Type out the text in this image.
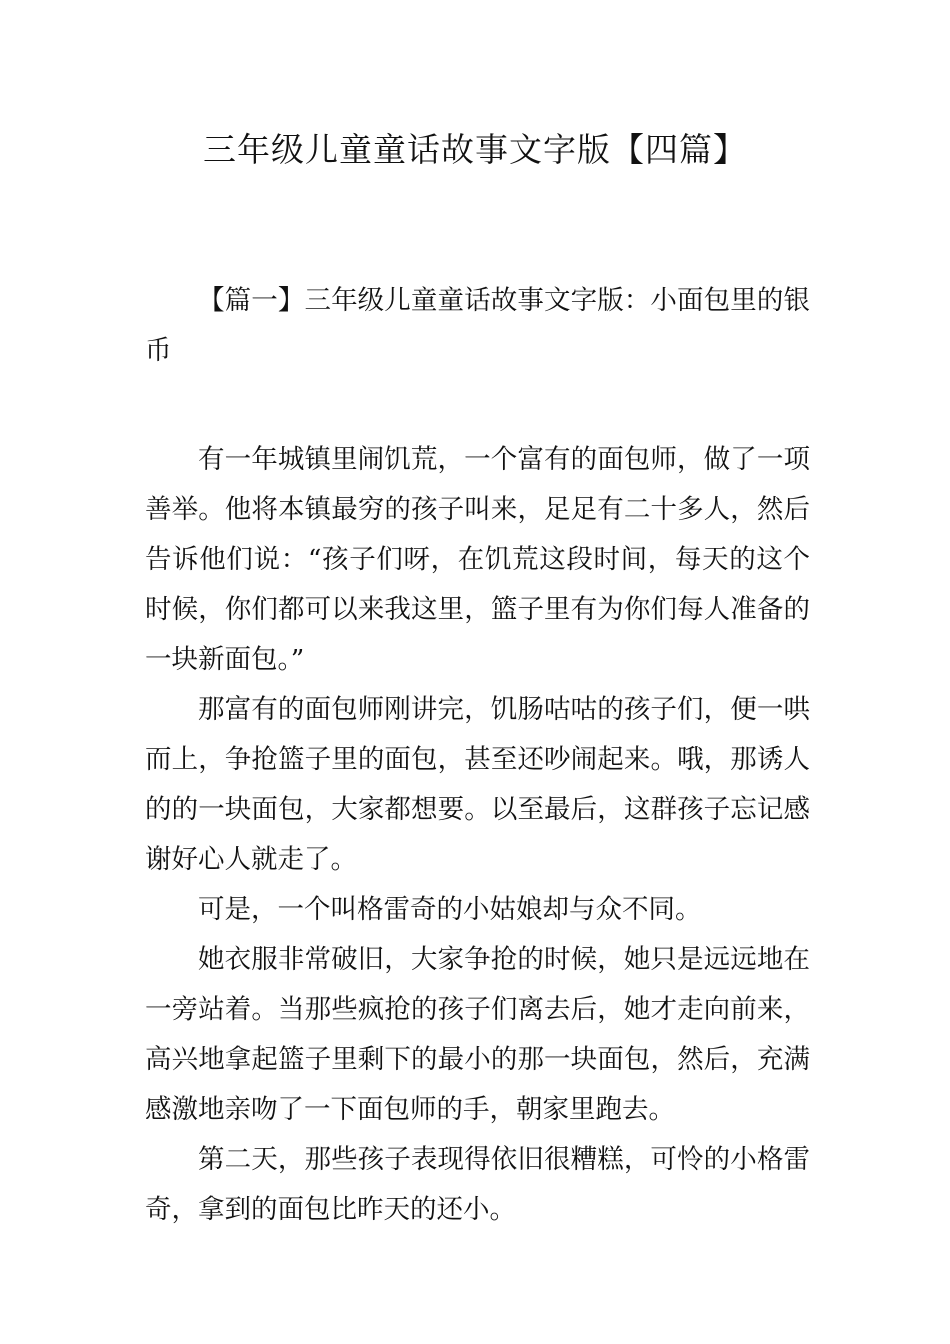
三年级儿童童话故事文字版【四篇】

【篇一】三年级儿童童话故事文字版：小面包里的银币

有一年城镇里闹饥荒，一个富有的面包师，做了一项善举。他将本镇最穷的孩子叫来，足足有二十多人，然后告诉他们说：“孩子们呀，在饥荒这段时间，每天的这个时候，你们都可以来我这里，篮子里有为你们每人准备的一块新面包。”

那富有的面包师刚讲完，饥肠咕咕的孩子们，便一哄而上，争抢篮子里的面包，甚至还吵闹起来。哦，那诱人的的一块面包，大家都想要。以至最后，这群孩子忘记感谢好心人就走了。

可是，一个叫格雷奇的小姑娘却与众不同。

她衣服非常破旧，大家争抢的时候，她只是远远地在一旁站着。当那些疯抢的孩子们离去后，她才走向前来，高兴地拿起篮子里剩下的最小的那一块面包，然后，充满感激地亲吻了一下面包师的手，朝家里跑去。

第二天，那些孩子表现得依旧很糟糕，可怜的小格雷奇，拿到的面包比昨天的还小。
